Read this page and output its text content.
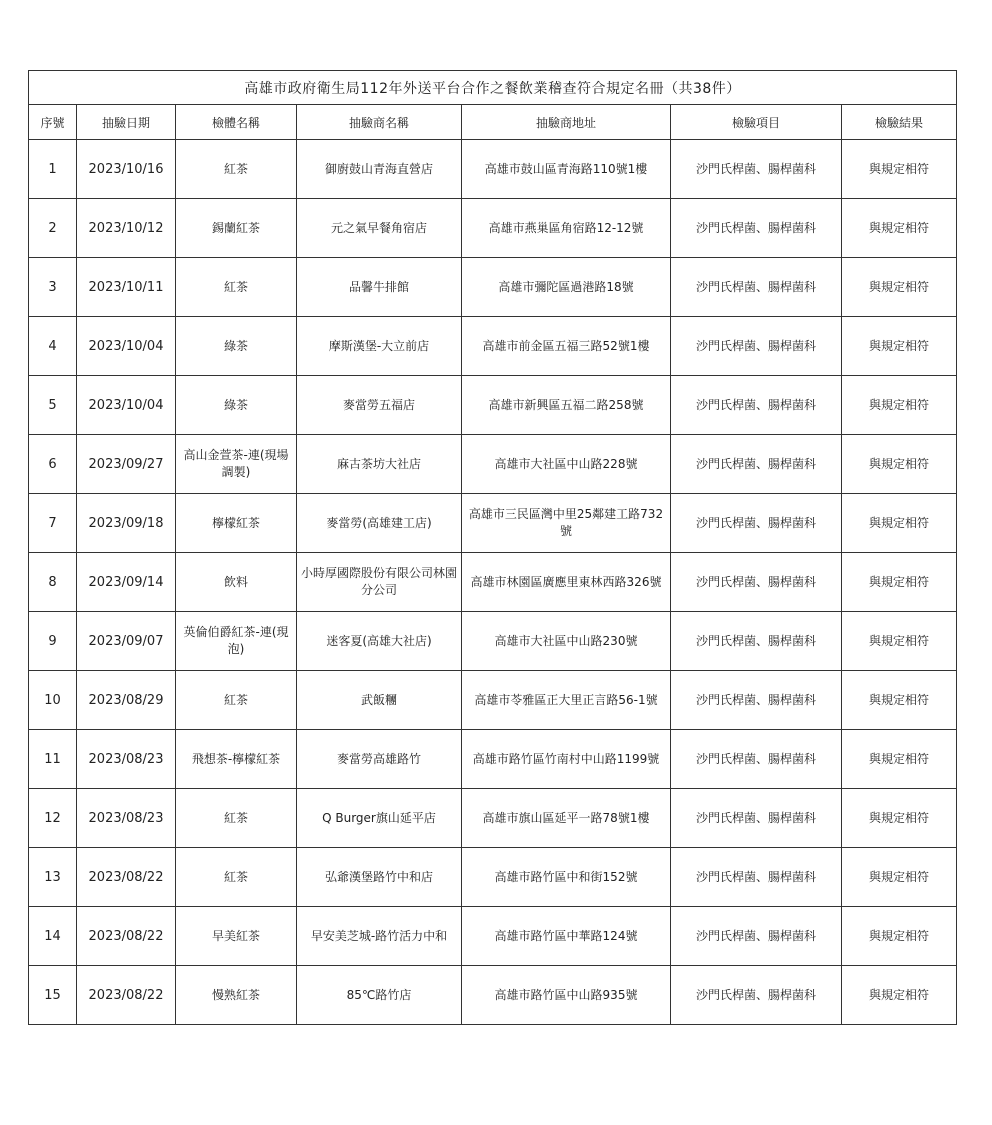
高雄市政府衛生局112年外送平台合作之餐飲業稽查符合規定名冊（共38件）						
序號	抽驗日期	檢體名稱	抽驗商名稱	抽驗商地址	檢驗項目	檢驗結果
1	2023/10/16	紅茶	御廚鼓山青海直營店	高雄市鼓山區青海路110號1樓	沙門氏桿菌、腸桿菌科	與規定相符
2	2023/10/12	錫蘭紅茶	元之氣早餐角宿店	高雄市燕巢區角宿路12-12號	沙門氏桿菌、腸桿菌科	與規定相符
3	2023/10/11	紅茶	品馨牛排館	高雄市彌陀區過港路18號	沙門氏桿菌、腸桿菌科	與規定相符
4	2023/10/04	綠茶	摩斯漢堡-大立前店	高雄市前金區五福三路52號1樓	沙門氏桿菌、腸桿菌科	與規定相符
5	2023/10/04	綠茶	麥當勞五福店	高雄市新興區五福二路258號	沙門氏桿菌、腸桿菌科	與規定相符
6	2023/09/27	高山金萱茶-連(現場調製)	麻古茶坊大社店	高雄市大社區中山路228號	沙門氏桿菌、腸桿菌科	與規定相符
7	2023/09/18	檸檬紅茶	麥當勞(高雄建工店)	高雄市三民區灣中里25鄰建工路732號	沙門氏桿菌、腸桿菌科	與規定相符
8	2023/09/14	飲料	小時厚國際股份有限公司林園分公司	高雄市林園區廣應里東林西路326號	沙門氏桿菌、腸桿菌科	與規定相符
9	2023/09/07	英倫伯爵紅茶-連(現泡)	迷客夏(高雄大社店)	高雄市大社區中山路230號	沙門氏桿菌、腸桿菌科	與規定相符
10	2023/08/29	紅茶	武飯糰	高雄市苓雅區正大里正言路56-1號	沙門氏桿菌、腸桿菌科	與規定相符
11	2023/08/23	飛想茶-檸檬紅茶	麥當勞高雄路竹	高雄市路竹區竹南村中山路1199號	沙門氏桿菌、腸桿菌科	與規定相符
12	2023/08/23	紅茶	Q Burger旗山延平店	高雄市旗山區延平一路78號1樓	沙門氏桿菌、腸桿菌科	與規定相符
13	2023/08/22	紅茶	弘爺漢堡路竹中和店	高雄市路竹區中和街152號	沙門氏桿菌、腸桿菌科	與規定相符
14	2023/08/22	早美紅茶	早安美芝城-路竹活力中和	高雄市路竹區中華路124號	沙門氏桿菌、腸桿菌科	與規定相符
15	2023/08/22	慢熟紅茶	85℃路竹店	高雄市路竹區中山路935號	沙門氏桿菌、腸桿菌科	與規定相符
